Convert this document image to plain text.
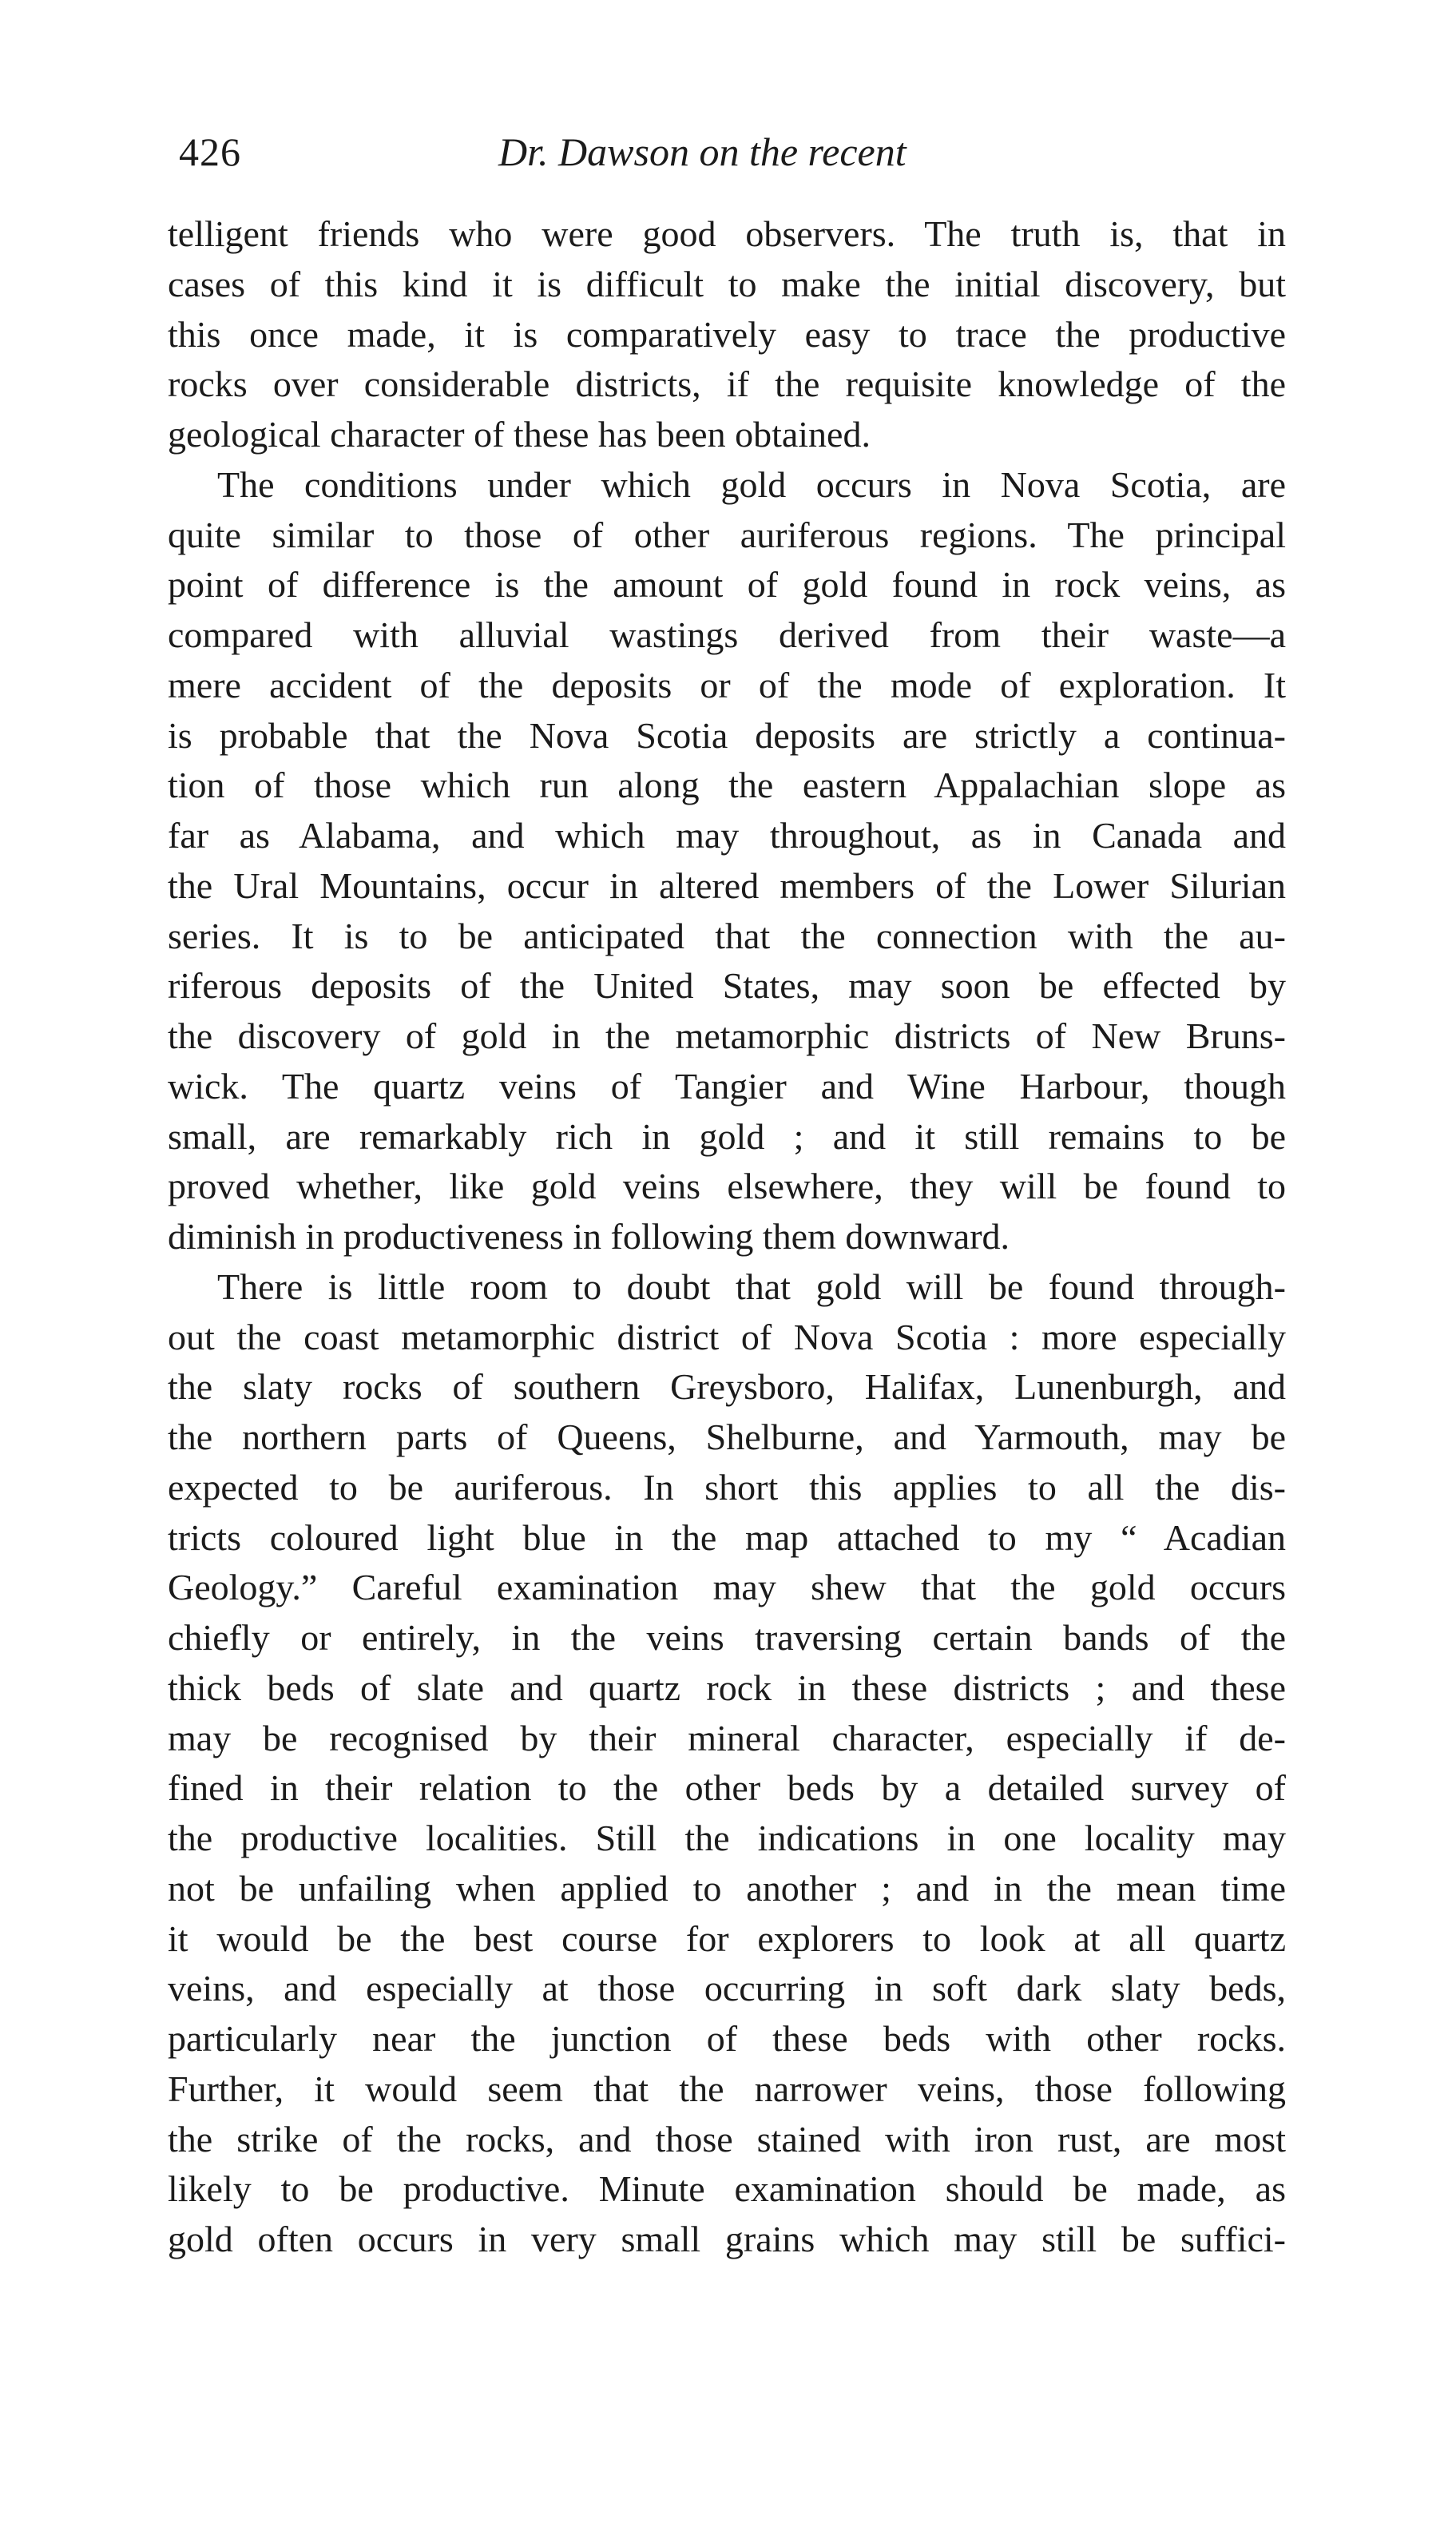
426	Dr. Dawson on the recent
telligent friends who were good observers. The truth is, that in
cases of this kind it is difficult to make the initial discovery, but
this once made, it is comparatively easy to trace the productive
rocks over considerable districts, if the requisite knowledge of the
geological character of these has been obtained.
The conditions under which gold occurs in Nova Scotia, are
quite similar to those of other auriferous regions. The principal
point of difference is the amount of gold found in rock veins, as
compared with alluvial wastings derived from their waste—a
mere accident of the deposits or of the mode of exploration. It
is probable that the Nova Scotia deposits are strictly a continua-
tion of those which run along the eastern Appalachian slope as
far as Alabama, and which may throughout, as in Canada and
the Ural Mountains, occur in altered members of the Lower Silurian
series. It is to be anticipated that the connection with the au-
riferous deposits of the United States, may soon be effected by
the discovery of gold in the metamorphic districts of New Bruns-
wick. The quartz veins of Tangier and Wine Harbour, though
small, are remarkably rich in gold ; and it still remains to be
proved whether, like gold veins elsewhere, they will be found to
diminish in productiveness in following them downward.
There is little room to doubt that gold will be found through-
out the coast metamorphic district of Nova Scotia : more especially
the slaty rocks of southern Greysboro, Halifax, Lunenburgh, and
the northern parts of Queens, Shelburne, and Yarmouth, may be
expected to be auriferous. In short this applies to all the dis-
tricts coloured light blue in the map attached to my “ Acadian
Geology.” Careful examination may shew that the gold occurs
chiefly or entirely, in the veins traversing certain bands of the
thick beds of slate and quartz rock in these districts ; and these
may be recognised by their mineral character, especially if de-
fined in their relation to the other beds by a detailed survey of
the productive localities. Still the indications in one locality may
not be unfailing when applied to another ; and in the mean time
it would be the best course for explorers to look at all quartz
veins, and especially at those occurring in soft dark slaty beds,
particularly near the junction of these beds with other rocks.
Further, it would seem that the narrower veins, those following
the strike of the rocks, and those stained with iron rust, are most
likely to be productive. Minute examination should be made, as
gold often occurs in very small grains which may still be suffici-
